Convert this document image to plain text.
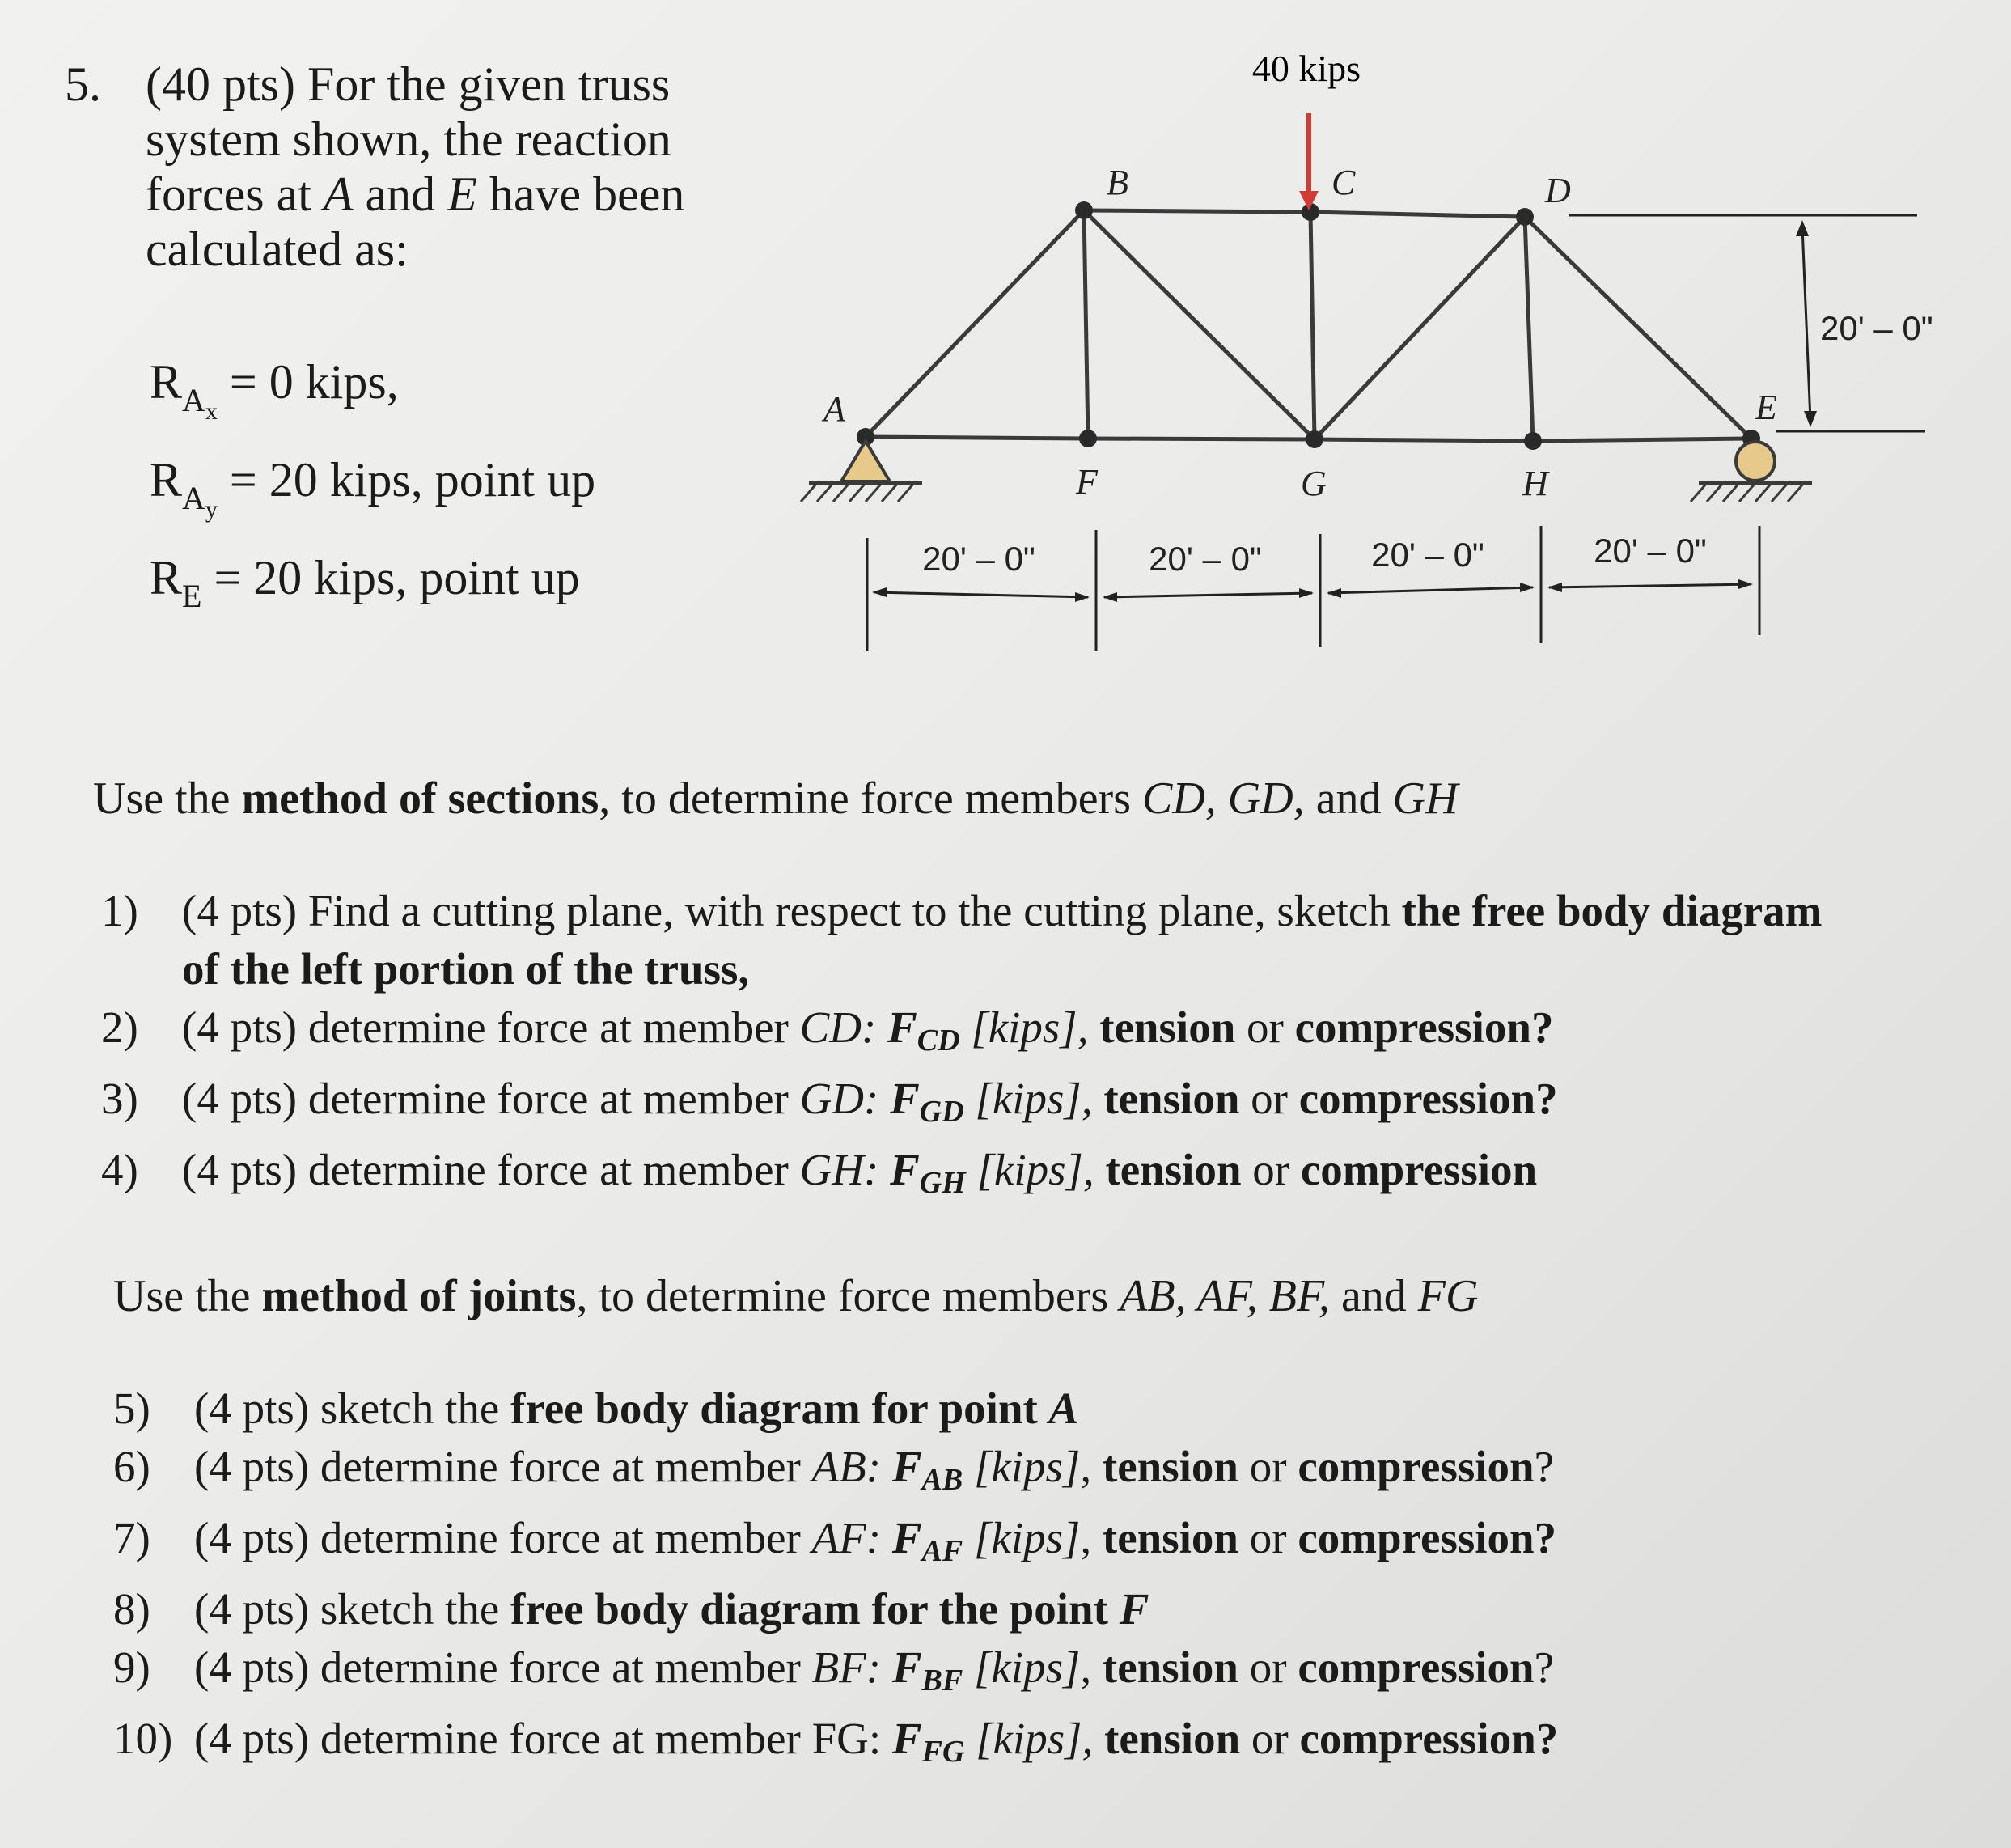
5. (40 pts) For the given truss
system shown, the reaction
forces at A and E have been
calculated as:
$R_{A_x} = 0$ kips,
$R_{A_y} = 20$ kips, point up
$R_E = 20$ kips, point up
40 kips
A
B	C	D
E
F	G	H
20' – 0"
20' – 0"	20' – 0"	20' – 0"	20' – 0"
Use the method of sections, to determine force members CD, GD, and GH
1) (4 pts) Find a cutting plane, with respect to the cutting plane, sketch the free body diagram
of the left portion of the truss,
2) (4 pts) determine force at member CD: FCD [kips], tension or compression?
3) (4 pts) determine force at member GD: FGD [kips], tension or compression?
4) (4 pts) determine force at member GH: FGH [kips], tension or compression
Use the method of joints, to determine force members AB, AF, BF, and FG
5) (4 pts) sketch the free body diagram for point A
6) (4 pts) determine force at member AB: FAB [kips], tension or compression?
7) (4 pts) determine force at member AF: FAF [kips], tension or compression?
8) (4 pts) sketch the free body diagram for the point F
9) (4 pts) determine force at member BF: FBF [kips], tension or compression?
10) (4 pts) determine force at member FG: FFG [kips], tension or compression?
